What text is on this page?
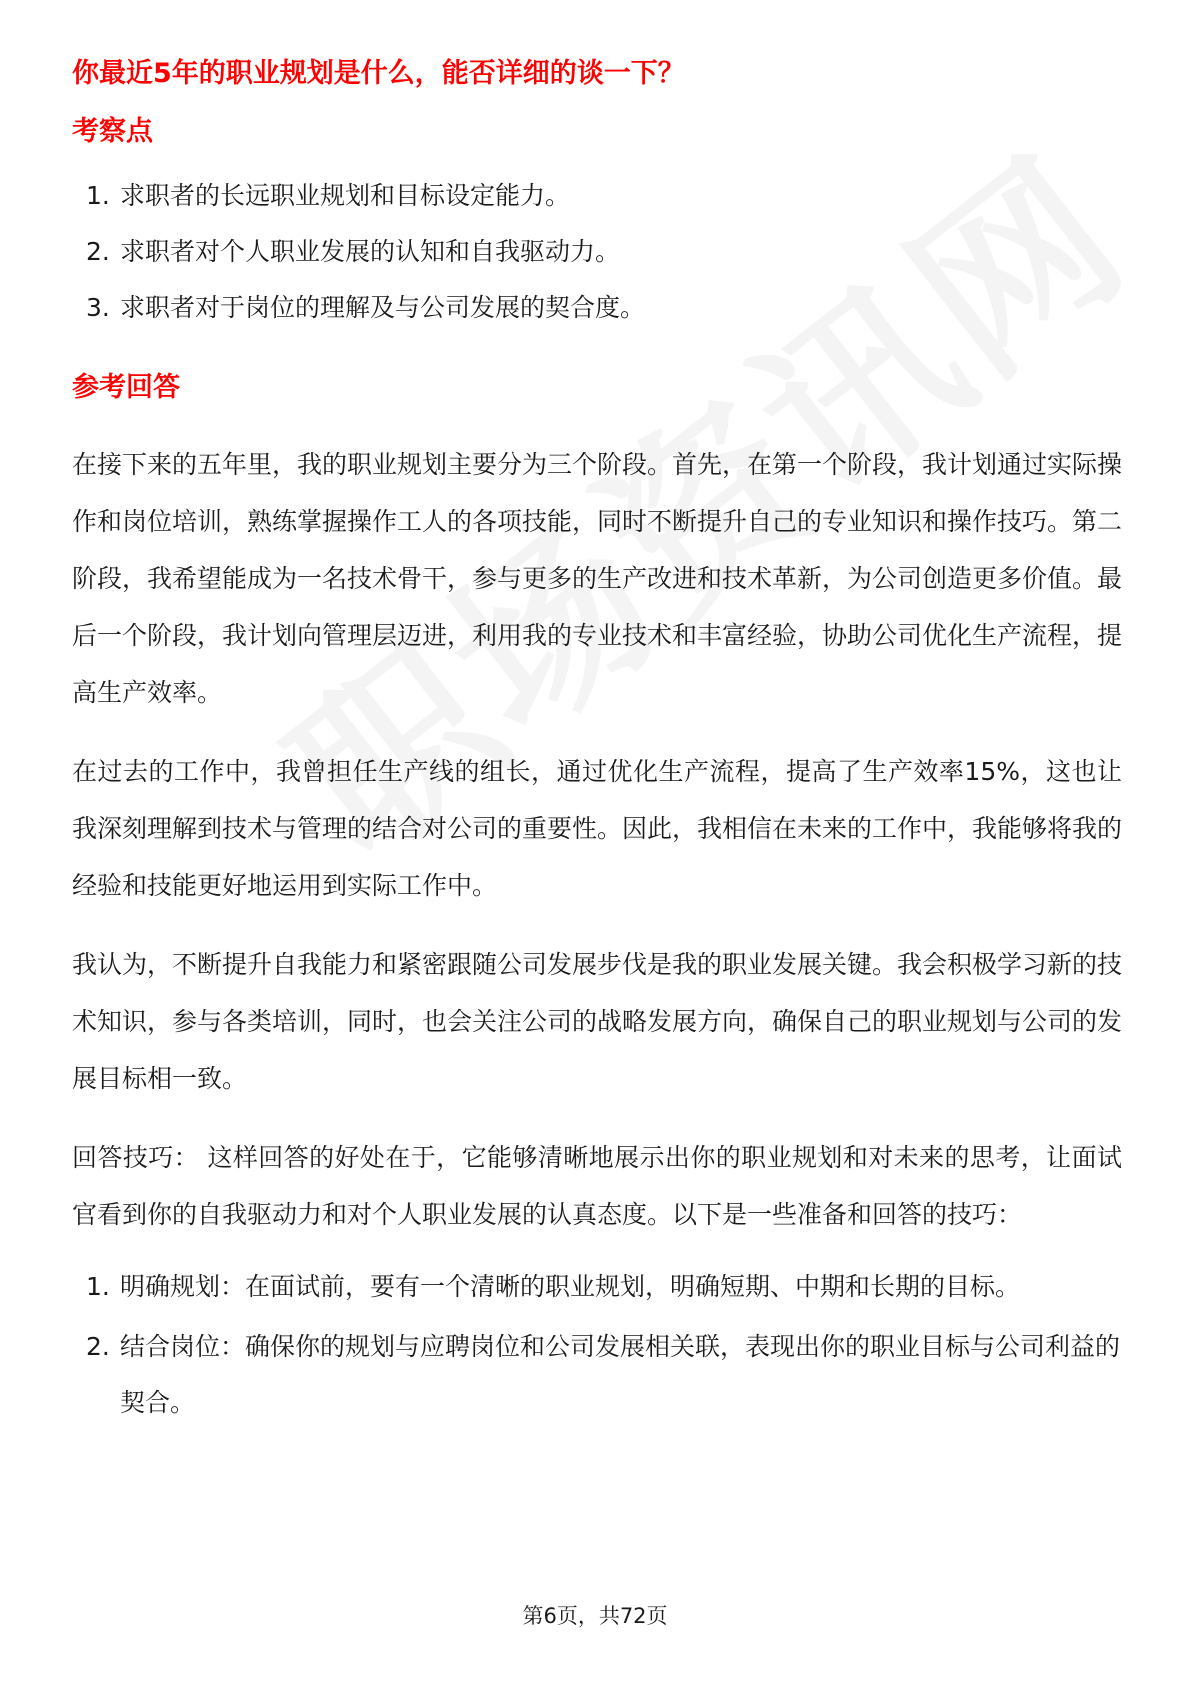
你最近5年的职业规划是什么，能否详细的谈一下？

考察点

1. 求职者的长远职业规划和目标设定能力。
2. 求职者对个人职业发展的认知和自我驱动力。
3. 求职者对于岗位的理解及与公司发展的契合度。

参考回答

在接下来的五年里，我的职业规划主要分为三个阶段。首先，在第一个阶段，我计划通过实际操作和岗位培训，熟练掌握操作工人的各项技能，同时不断提升自己的专业知识和操作技巧。第二阶段，我希望能成为一名技术骨干，参与更多的生产改进和技术革新，为公司创造更多价值。最后一个阶段，我计划向管理层迈进，利用我的专业技术和丰富经验，协助公司优化生产流程，提高生产效率。

在过去的工作中，我曾担任生产线的组长，通过优化生产流程，提高了生产效率15%，这也让我深刻理解到技术与管理的结合对公司的重要性。因此，我相信在未来的工作中，我能够将我的经验和技能更好地运用到实际工作中。

我认为，不断提升自我能力和紧密跟随公司发展步伐是我的职业发展关键。我会积极学习新的技术知识，参与各类培训，同时，也会关注公司的战略发展方向，确保自己的职业规划与公司的发展目标相一致。

回答技巧： 这样回答的好处在于，它能够清晰地展示出你的职业规划和对未来的思考，让面试官看到你的自我驱动力和对个人职业发展的认真态度。以下是一些准备和回答的技巧：

1. 明确规划：在面试前，要有一个清晰的职业规划，明确短期、中期和长期的目标。
2. 结合岗位：确保你的规划与应聘岗位和公司发展相关联，表现出你的职业目标与公司利益的契合。
第6页，共72页
